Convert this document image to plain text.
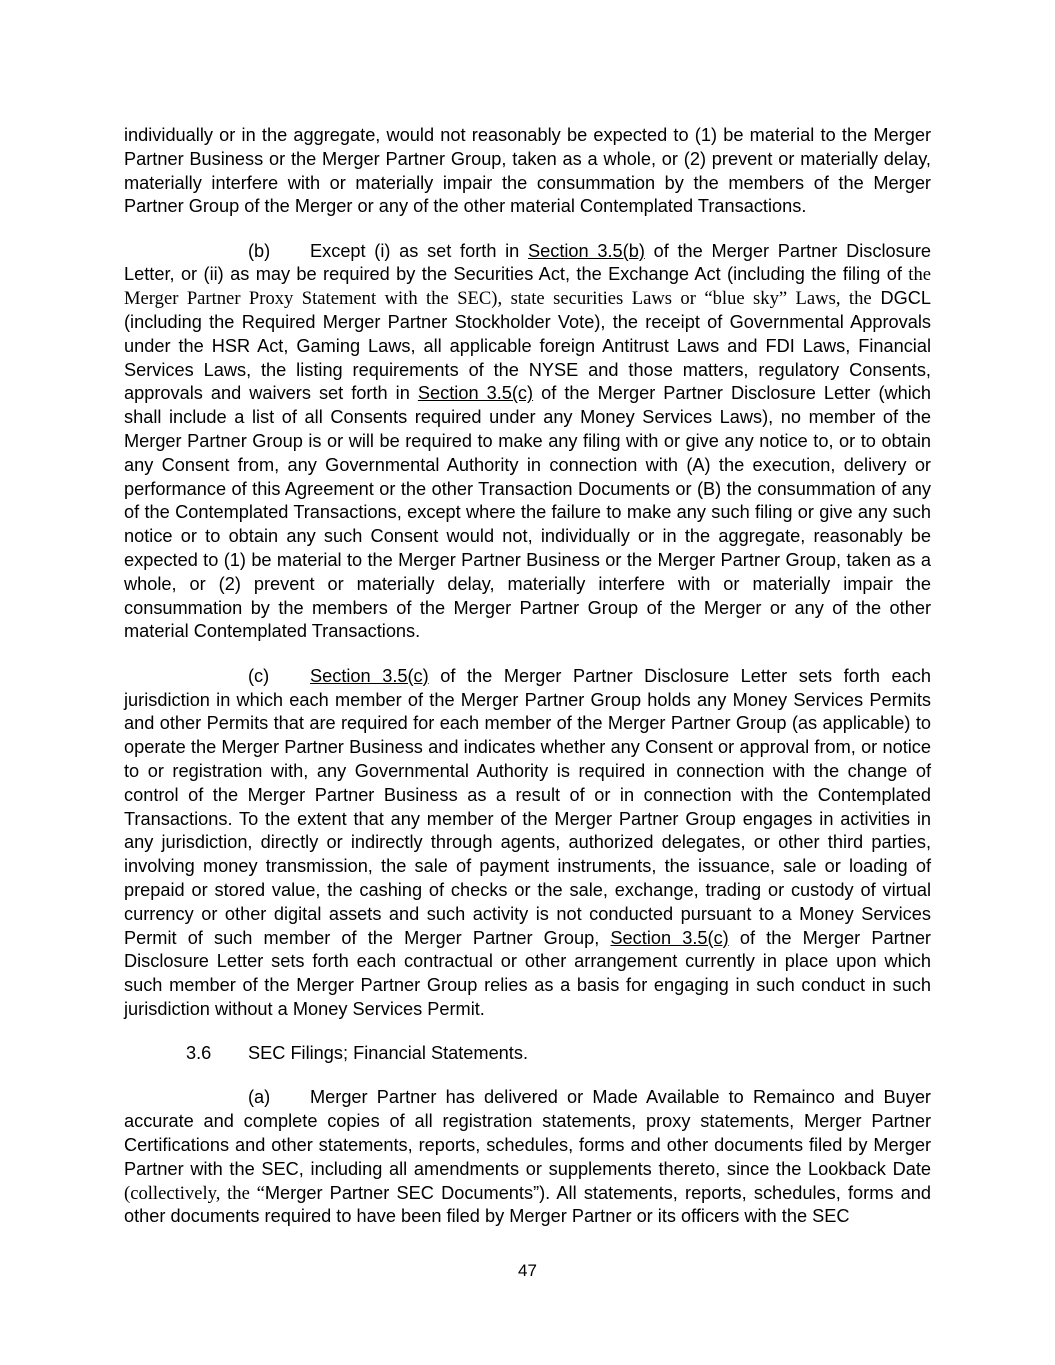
individually or in the aggregate, would not reasonably be expected to (1) be material to the Merger Partner Business or the Merger Partner Group, taken as a whole, or (2) prevent or materially delay, materially interfere with or materially impair the consummation by the members of the Merger Partner Group of the Merger or any of the other material Contemplated Transactions.

(b) Except (i) as set forth in Section 3.5(b) of the Merger Partner Disclosure Letter, or (ii) as may be required by the Securities Act, the Exchange Act (including the filing of the Merger Partner Proxy Statement with the SEC), state securities Laws or “blue sky” Laws, the DGCL (including the Required Merger Partner Stockholder Vote), the receipt of Governmental Approvals under the HSR Act, Gaming Laws, all applicable foreign Antitrust Laws and FDI Laws, Financial Services Laws, the listing requirements of the NYSE and those matters, regulatory Consents, approvals and waivers set forth in Section 3.5(c) of the Merger Partner Disclosure Letter (which shall include a list of all Consents required under any Money Services Laws), no member of the Merger Partner Group is or will be required to make any filing with or give any notice to, or to obtain any Consent from, any Governmental Authority in connection with (A) the execution, delivery or performance of this Agreement or the other Transaction Documents or (B) the consummation of any of the Contemplated Transactions, except where the failure to make any such filing or give any such notice or to obtain any such Consent would not, individually or in the aggregate, reasonably be expected to (1) be material to the Merger Partner Business or the Merger Partner Group, taken as a whole, or (2) prevent or materially delay, materially interfere with or materially impair the consummation by the members of the Merger Partner Group of the Merger or any of the other material Contemplated Transactions.

(c) Section 3.5(c) of the Merger Partner Disclosure Letter sets forth each jurisdiction in which each member of the Merger Partner Group holds any Money Services Permits and other Permits that are required for each member of the Merger Partner Group (as applicable) to operate the Merger Partner Business and indicates whether any Consent or approval from, or notice to or registration with, any Governmental Authority is required in connection with the change of control of the Merger Partner Business as a result of or in connection with the Contemplated Transactions. To the extent that any member of the Merger Partner Group engages in activities in any jurisdiction, directly or indirectly through agents, authorized delegates, or other third parties, involving money transmission, the sale of payment instruments, the issuance, sale or loading of prepaid or stored value, the cashing of checks or the sale, exchange, trading or custody of virtual currency or other digital assets and such activity is not conducted pursuant to a Money Services Permit of such member of the Merger Partner Group, Section 3.5(c) of the Merger Partner Disclosure Letter sets forth each contractual or other arrangement currently in place upon which such member of the Merger Partner Group relies as a basis for engaging in such conduct in such jurisdiction without a Money Services Permit.

3.6 SEC Filings; Financial Statements.

(a) Merger Partner has delivered or Made Available to Remainco and Buyer accurate and complete copies of all registration statements, proxy statements, Merger Partner Certifications and other statements, reports, schedules, forms and other documents filed by Merger Partner with the SEC, including all amendments or supplements thereto, since the Lookback Date (collectively, the “Merger Partner SEC Documents”). All statements, reports, schedules, forms and other documents required to have been filed by Merger Partner or its officers with the SEC

47
